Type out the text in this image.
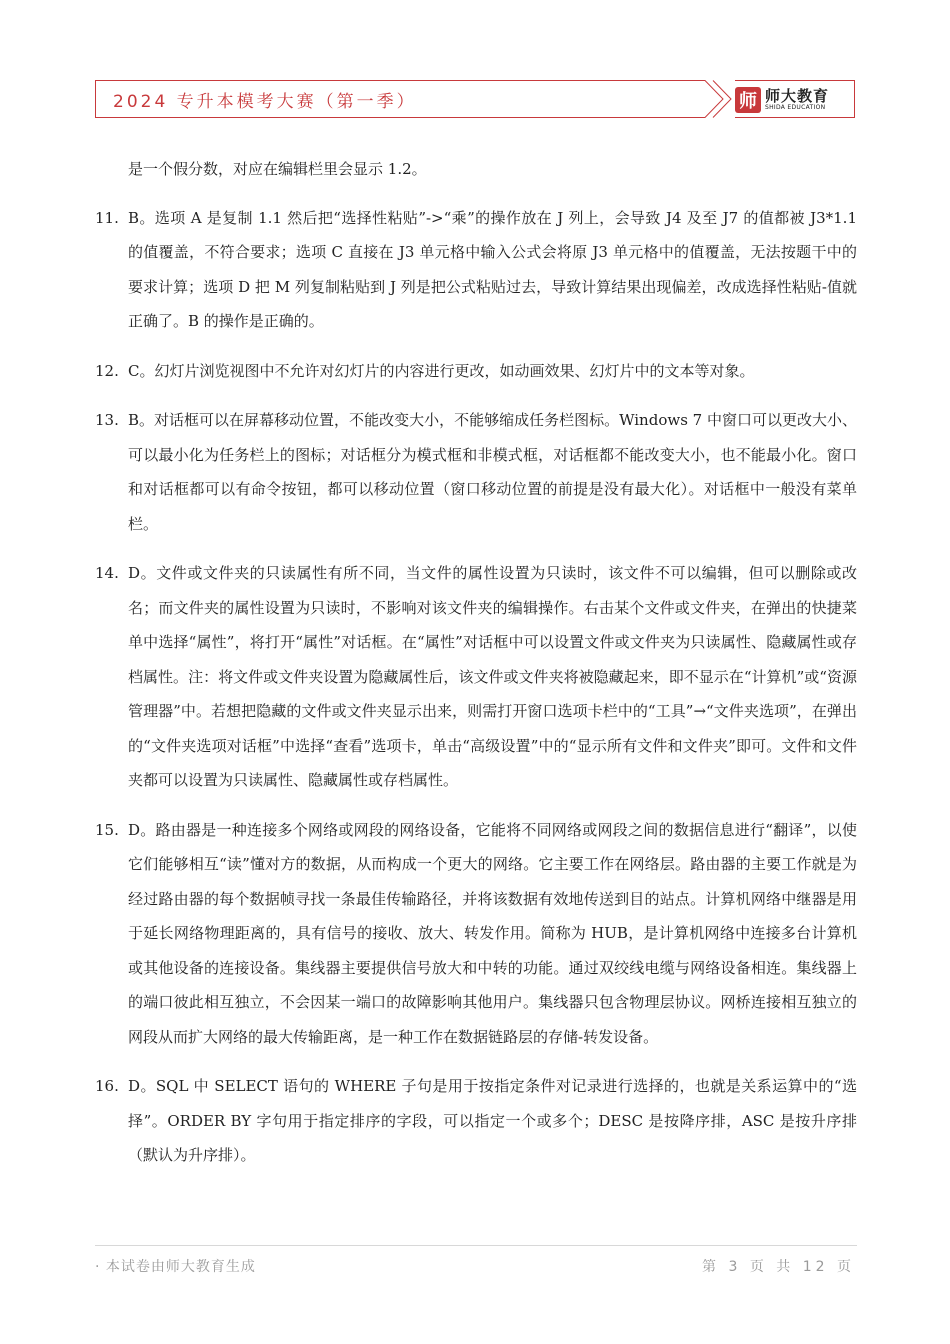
2024 专升本模考大赛（第一季）	师 师大教育
SHIDA EDUCATION
是一个假分数，对应在编辑栏里会显示 1.2。
11. B。选项 A 是复制 1.1 然后把“选择性粘贴”->“乘”的操作放在 J 列上，会导致 J4 及至 J7 的值都被 J3*1.1 的值覆盖，不符合要求；选项 C 直接在 J3 单元格中输入公式会将原 J3 单元格中的值覆盖，无法按题干中的要求计算；选项 D 把 M 列复制粘贴到 J 列是把公式粘贴过去，导致计算结果出现偏差，改成选择性粘贴-值就正确了。B 的操作是正确的。
12. C。幻灯片浏览视图中不允许对幻灯片的内容进行更改，如动画效果、幻灯片中的文本等对象。
13. B。对话框可以在屏幕移动位置，不能改变大小，不能够缩成任务栏图标。Windows 7 中窗口可以更改大小、可以最小化为任务栏上的图标；对话框分为模式框和非模式框，对话框都不能改变大小，也不能最小化。窗口和对话框都可以有命令按钮，都可以移动位置（窗口移动位置的前提是没有最大化）。对话框中一般没有菜单栏。
14. D。文件或文件夹的只读属性有所不同，当文件的属性设置为只读时，该文件不可以编辑，但可以删除或改名；而文件夹的属性设置为只读时，不影响对该文件夹的编辑操作。右击某个文件或文件夹，在弹出的快捷菜单中选择“属性”，将打开“属性”对话框。在“属性”对话框中可以设置文件或文件夹为只读属性、隐藏属性或存档属性。注：将文件或文件夹设置为隐藏属性后，该文件或文件夹将被隐藏起来，即不显示在“计算机”或“资源管理器”中。若想把隐藏的文件或文件夹显示出来，则需打开窗口选项卡栏中的“工具”→“文件夹选项”，在弹出的“文件夹选项对话框”中选择“查看”选项卡，单击“高级设置”中的“显示所有文件和文件夹”即可。文件和文件夹都可以设置为只读属性、隐藏属性或存档属性。
15. D。路由器是一种连接多个网络或网段的网络设备，它能将不同网络或网段之间的数据信息进行“翻译”，以使它们能够相互“读”懂对方的数据，从而构成一个更大的网络。它主要工作在网络层。路由器的主要工作就是为经过路由器的每个数据帧寻找一条最佳传输路径，并将该数据有效地传送到目的站点。计算机网络中继器是用于延长网络物理距离的，具有信号的接收、放大、转发作用。简称为 HUB，是计算机网络中连接多台计算机或其他设备的连接设备。集线器主要提供信号放大和中转的功能。通过双绞线电缆与网络设备相连。集线器上的端口彼此相互独立，不会因某一端口的故障影响其他用户。集线器只包含物理层协议。网桥连接相互独立的网段从而扩大网络的最大传输距离，是一种工作在数据链路层的存储-转发设备。
16. D。SQL 中 SELECT 语句的 WHERE 子句是用于按指定条件对记录进行选择的，也就是关系运算中的“选择”。ORDER BY 字句用于指定排序的字段，可以指定一个或多个；DESC 是按降序排，ASC 是按升序排（默认为升序排）。
· 本试卷由师大教育生成	第 3 页 共 12 页
